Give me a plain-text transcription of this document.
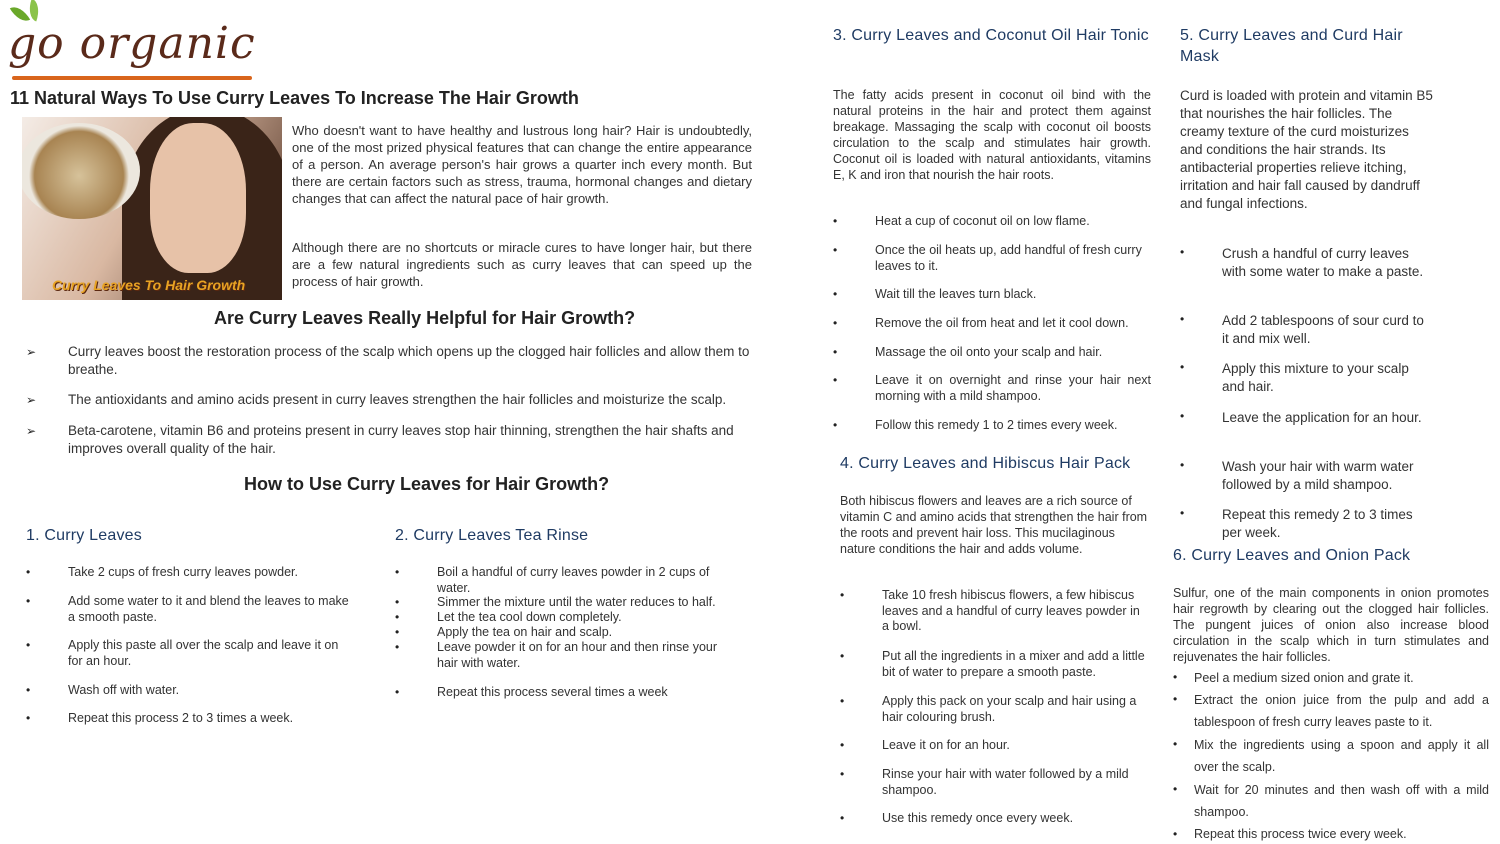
go organic
11 Natural Ways To Use Curry Leaves To Increase The Hair Growth
Curry Leaves To Hair Growth

Who doesn't want to have healthy and lustrous long hair? Hair is undoubtedly, one of the most prized physical features that can change the entire appearance of a person. An average person's hair grows a quarter inch every month. But there are certain factors such as stress, trauma, hormonal changes and dietary changes that can affect the natural pace of hair growth.

Although there are no shortcuts or miracle cures to have longer hair, but there are a few natural ingredients such as curry leaves that can speed up the process of hair growth.

Are Curry Leaves Really Helpful for Hair Growth?
➢	Curry leaves boost the restoration process of the scalp which opens up the clogged hair follicles and allow them to breathe.
➢	The antioxidants and amino acids present in curry leaves strengthen the hair follicles and moisturize the scalp.
➢	Beta-carotene, vitamin B6 and proteins present in curry leaves stop hair thinning, strengthen the hair shafts and improves overall quality of the hair.
How to Use Curry Leaves for Hair Growth?
1. Curry Leaves
•	Take 2 cups of fresh curry leaves powder.
•	Add some water to it and blend the leaves to make a smooth paste.
•	Apply this paste all over the scalp and leave it on for an hour.
•	Wash off with water.
•	Repeat this process 2 to 3 times a week.
2. Curry Leaves Tea Rinse
•	Boil a handful of curry leaves powder in 2 cups of water.
•	Simmer the mixture until the water reduces to half.
•	Let the tea cool down completely.
•	Apply the tea on hair and scalp.
•	Leave powder it on for an hour and then rinse your hair with water.
•	Repeat this process several times a week
3. Curry Leaves and Coconut Oil Hair Tonic

The fatty acids present in coconut oil bind with the natural proteins in the hair and protect them against breakage. Massaging the scalp with coconut oil boosts circulation to the scalp and stimulates hair growth. Coconut oil is loaded with natural antioxidants, vitamins E, K and iron that nourish the hair roots.

•	Heat a cup of coconut oil on low flame.
•	Once the oil heats up, add handful of fresh curry leaves to it.
•	Wait till the leaves turn black.
•	Remove the oil from heat and let it cool down.
•	Massage the oil onto your scalp and hair.
•	Leave it on overnight and rinse your hair next morning with a mild shampoo.
•	Follow this remedy 1 to 2 times every week.
4. Curry Leaves and Hibiscus Hair Pack

Both hibiscus flowers and leaves are a rich source of vitamin C and amino acids that strengthen the hair from the roots and prevent hair loss. This mucilaginous nature conditions the hair and adds volume.

•	Take 10 fresh hibiscus flowers, a few hibiscus leaves and a handful of curry leaves powder in a bowl.
•	Put all the ingredients in a mixer and add a little bit of water to prepare a smooth paste.
•	Apply this pack on your scalp and hair using a hair colouring brush.
•	Leave it on for an hour.
•	Rinse your hair with water followed by a mild shampoo.
•	Use this remedy once every week.
5. Curry Leaves and Curd Hair Mask

Curd is loaded with protein and vitamin B5 that nourishes the hair follicles. The creamy texture of the curd moisturizes and conditions the hair strands. Its antibacterial properties relieve itching, irritation and hair fall caused by dandruff and fungal infections.

•	Crush a handful of curry leaves with some water to make a paste.
•	Add 2 tablespoons of sour curd to it and mix well.
•	Apply this mixture to your scalp and hair.
•	Leave the application for an hour.
•	Wash your hair with warm water followed by a mild shampoo.
•	Repeat this remedy 2 to 3 times per week.
6. Curry Leaves and Onion Pack

Sulfur, one of the main components in onion promotes hair regrowth by clearing out the clogged hair follicles. The pungent juices of onion also increase blood circulation in the scalp which in turn stimulates and rejuvenates the hair follicles.

•	Peel a medium sized onion and grate it.
•	Extract the onion juice from the pulp and add a tablespoon of fresh curry leaves paste to it.
•	Mix the ingredients using a spoon and apply it all over the scalp.
•	Wait for 20 minutes and then wash off with a mild shampoo.
•	Repeat this process twice every week.
